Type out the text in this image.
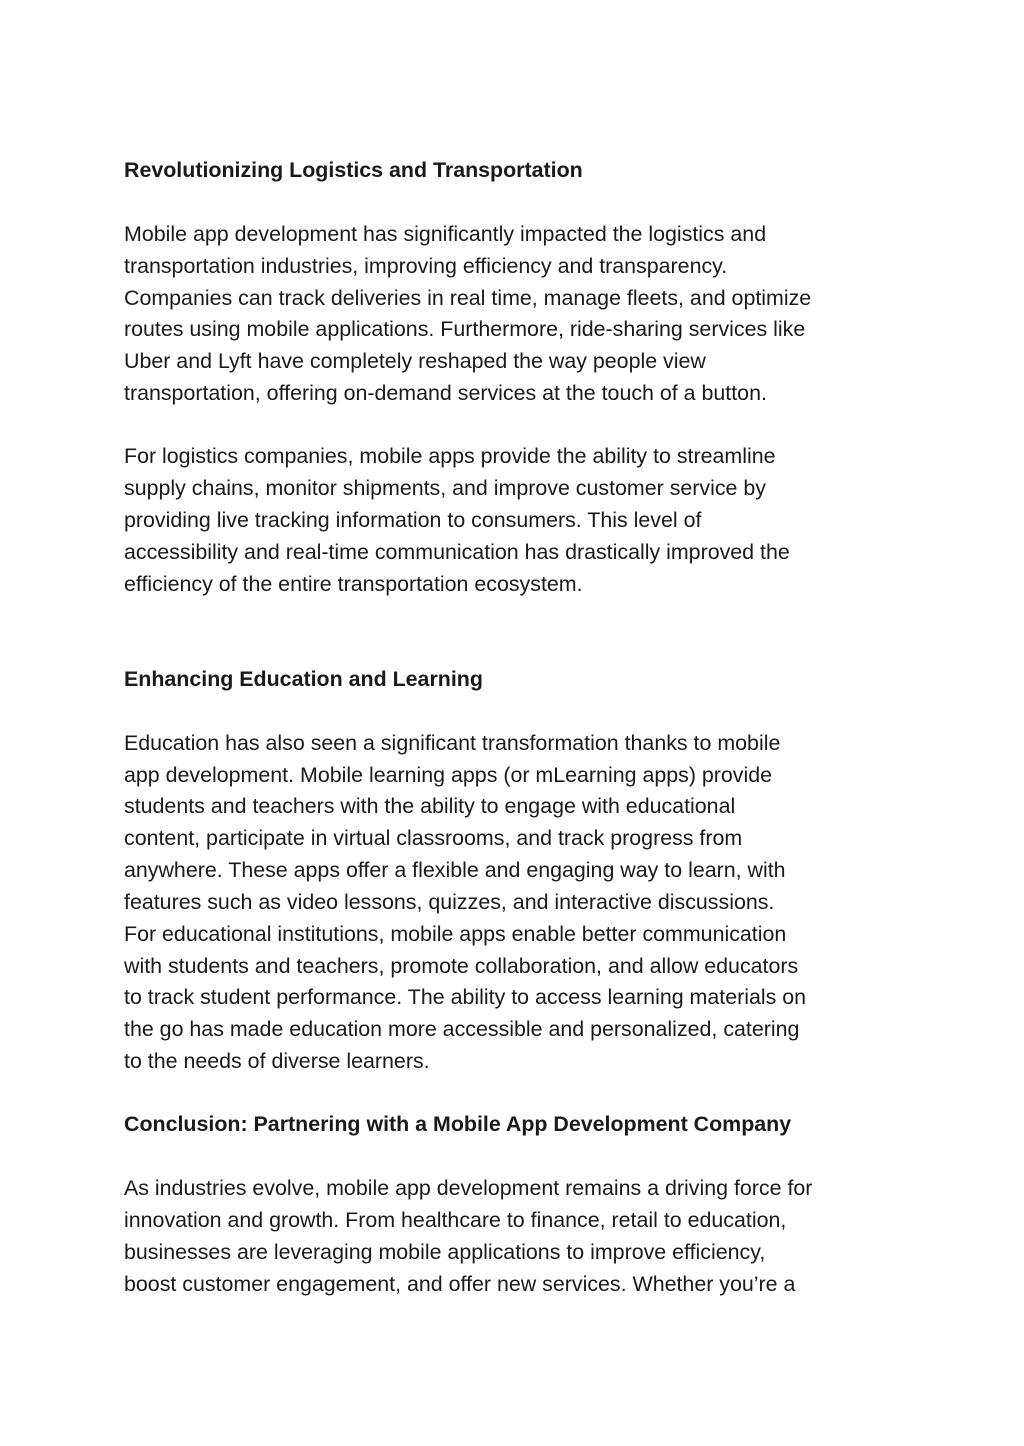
Revolutionizing Logistics and Transportation
Mobile app development has significantly impacted the logistics and
transportation industries, improving efficiency and transparency.
Companies can track deliveries in real time, manage fleets, and optimize
routes using mobile applications. Furthermore, ride-sharing services like
Uber and Lyft have completely reshaped the way people view
transportation, offering on-demand services at the touch of a button.
For logistics companies, mobile apps provide the ability to streamline
supply chains, monitor shipments, and improve customer service by
providing live tracking information to consumers. This level of
accessibility and real-time communication has drastically improved the
efficiency of the entire transportation ecosystem.
Enhancing Education and Learning
Education has also seen a significant transformation thanks to mobile
app development. Mobile learning apps (or mLearning apps) provide
students and teachers with the ability to engage with educational
content, participate in virtual classrooms, and track progress from
anywhere. These apps offer a flexible and engaging way to learn, with
features such as video lessons, quizzes, and interactive discussions.
For educational institutions, mobile apps enable better communication
with students and teachers, promote collaboration, and allow educators
to track student performance. The ability to access learning materials on
the go has made education more accessible and personalized, catering
to the needs of diverse learners.
Conclusion: Partnering with a Mobile App Development Company
As industries evolve, mobile app development remains a driving force for
innovation and growth. From healthcare to finance, retail to education,
businesses are leveraging mobile applications to improve efficiency,
boost customer engagement, and offer new services. Whether you’re a
